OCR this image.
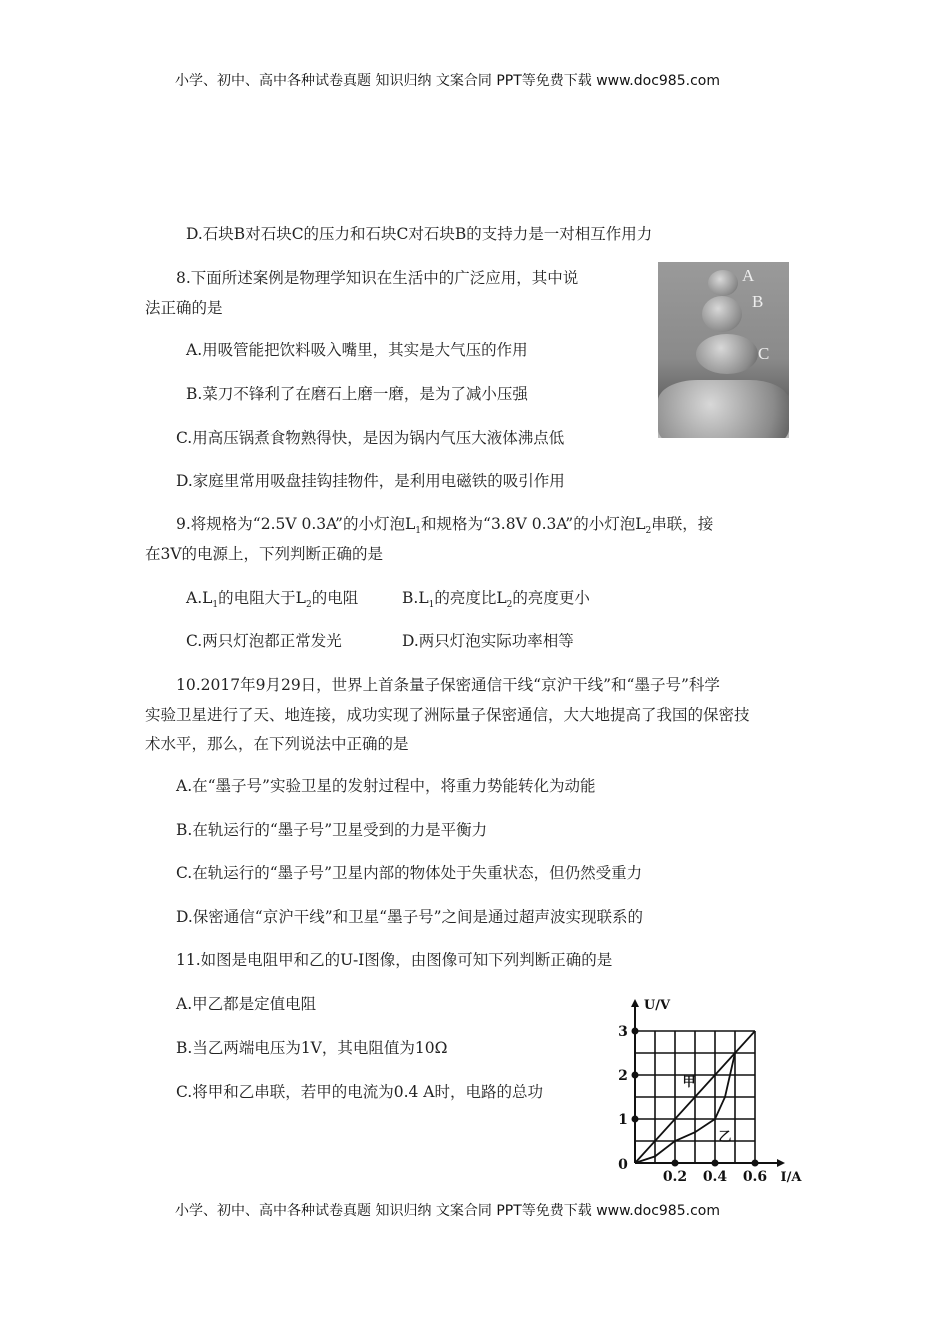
小学、初中、高中各种试卷真题 知识归纳 文案合同 PPT等免费下载 www.doc985.com
D.石块B对石块C的压力和石块C对石块B的支持力是一对相互作用力
8.下面所述案例是物理学知识在生活中的广泛应用，其中说
法正确的是
A.用吸管能把饮料吸入嘴里，其实是大气压的作用
B.菜刀不锋利了在磨石上磨一磨，是为了减小压强
C.用高压锅煮食物熟得快，是因为锅内气压大液体沸点低
D.家庭里常用吸盘挂钩挂物件，是利用电磁铁的吸引作用
A
B
C
9.将规格为“2.5V 0.3A”的小灯泡$L_1$和规格为“3.8V 0.3A”的小灯泡$L_2$串联，接
在3V的电源上，下列判断正确的是
$A.L_1$的电阻大于$L_2$的电阻	$B.L_1$的亮度比$L_2$的亮度更小
C.两只灯泡都正常发光	D.两只灯泡实际功率相等
10.2017年9月29日，世界上首条量子保密通信干线“京沪干线”和“墨子号”科学
实验卫星进行了天、地连接，成功实现了洲际量子保密通信，大大地提高了我国的保密技
术水平，那么，在下列说法中正确的是
A.在“墨子号”实验卫星的发射过程中，将重力势能转化为动能
B.在轨运行的“墨子号”卫星受到的力是平衡力
C.在轨运行的“墨子号”卫星内部的物体处于失重状态，但仍然受重力
D.保密通信“京沪干线”和卫星“墨子号”之间是通过超声波实现联系的
11.如图是电阻甲和乙的U-I图像，由图像可知下列判断正确的是
A.甲乙都是定值电阻
B.当乙两端电压为1V，其电阻值为10Ω
C.将甲和乙串联，若甲的电流为0.4 A时，电路的总功
0.2 0.4 0.6
1
2
3
0
U/V
I/A
甲
乙
小学、初中、高中各种试卷真题 知识归纳 文案合同 PPT等免费下载 www.doc985.com
